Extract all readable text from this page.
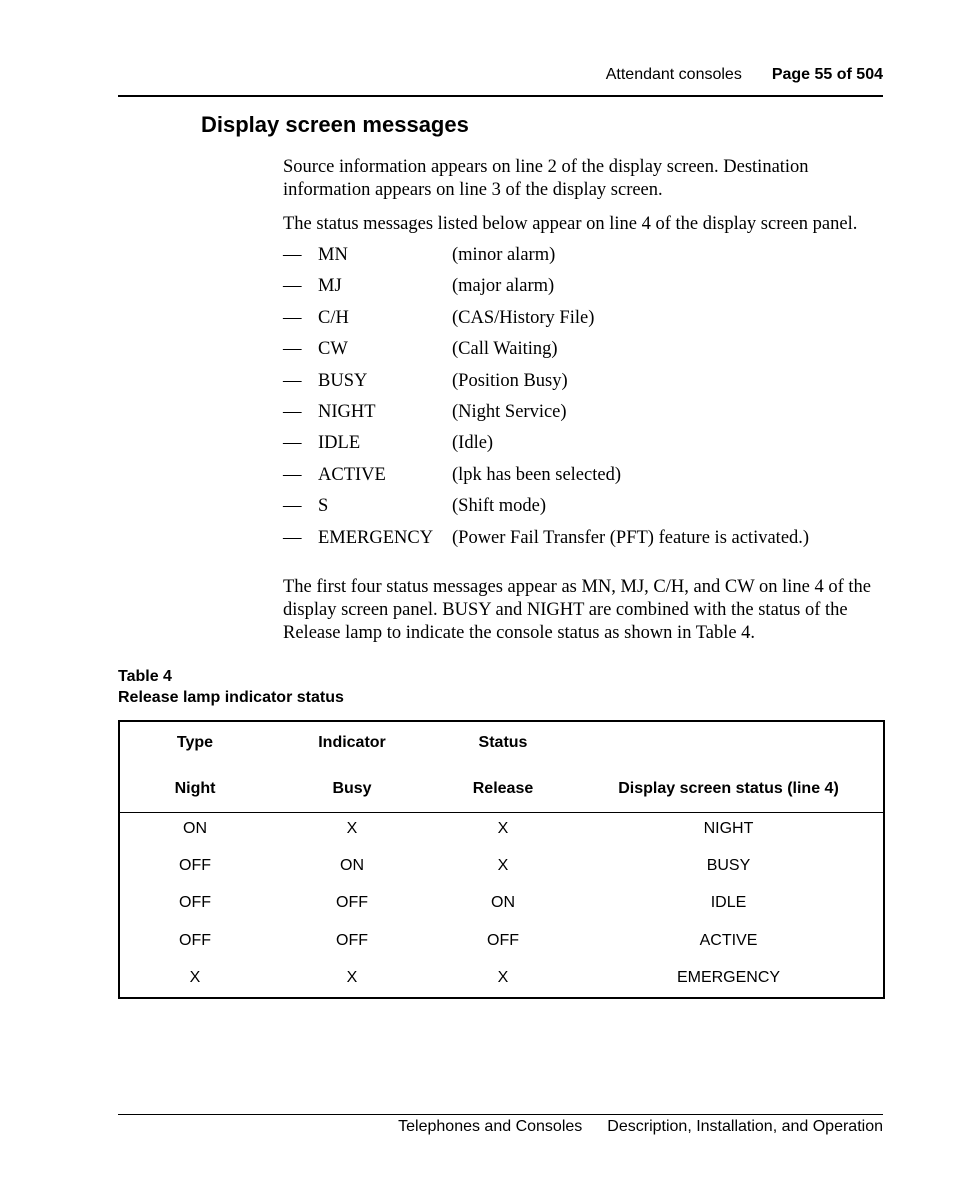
Attendant consoles Page 55 of 504
Display screen messages

Source information appears on line 2 of the display screen. Destination information appears on line 3 of the display screen.

The status messages listed below appear on line 4 of the display screen panel.

— MN	(minor alarm)
— MJ	(major alarm)
— C/H	(CAS/History File)
— CW	(Call Waiting)
— BUSY	(Position Busy)
— NIGHT	(Night Service)
— IDLE	(Idle)
— ACTIVE	(lpk has been selected)
— S	(Shift mode)
— EMERGENCY	(Power Fail Transfer (PFT) feature is activated.)

The first four status messages appear as MN, MJ, C/H, and CW on line 4 of the display screen panel. BUSY and NIGHT are combined with the status of the Release lamp to indicate the console status as shown in Table 4.

Table 4
Release lamp indicator status
Type	Indicator	Status
Night	Busy	Release	Display screen status (line 4)
ON	X	X	NIGHT
OFF	ON	X	BUSY
OFF	OFF	ON	IDLE
OFF	OFF	OFF	ACTIVE
X	X	X	EMERGENCY
Telephones and Consoles Description, Installation, and Operation
